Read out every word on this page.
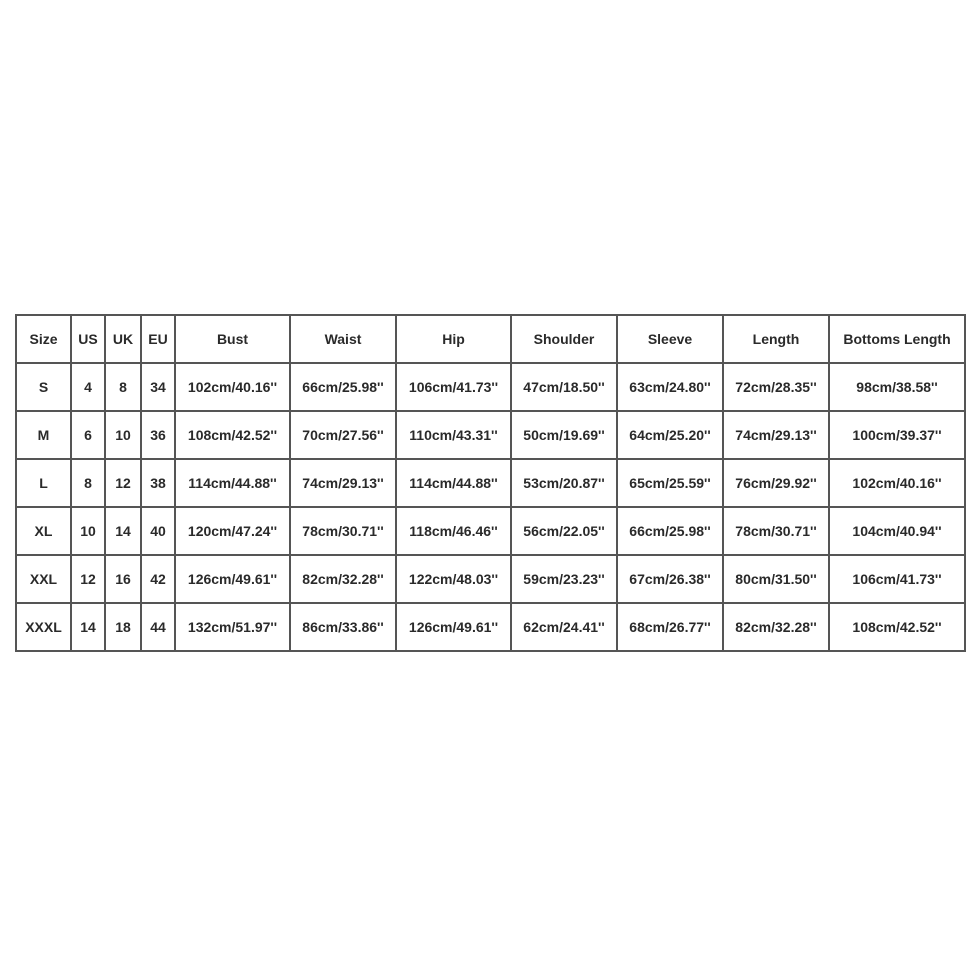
Size	US	UK	EU	Bust	Waist	Hip	Shoulder	Sleeve	Length	Bottoms Length
S	4	8	34	102cm/40.16''	66cm/25.98''	106cm/41.73''	47cm/18.50''	63cm/24.80''	72cm/28.35''	98cm/38.58''
M	6	10	36	108cm/42.52''	70cm/27.56''	110cm/43.31''	50cm/19.69''	64cm/25.20''	74cm/29.13''	100cm/39.37''
L	8	12	38	114cm/44.88''	74cm/29.13''	114cm/44.88''	53cm/20.87''	65cm/25.59''	76cm/29.92''	102cm/40.16''
XL	10	14	40	120cm/47.24''	78cm/30.71''	118cm/46.46''	56cm/22.05''	66cm/25.98''	78cm/30.71''	104cm/40.94''
XXL	12	16	42	126cm/49.61''	82cm/32.28''	122cm/48.03''	59cm/23.23''	67cm/26.38''	80cm/31.50''	106cm/41.73''
XXXL	14	18	44	132cm/51.97''	86cm/33.86''	126cm/49.61''	62cm/24.41''	68cm/26.77''	82cm/32.28''	108cm/42.52''
